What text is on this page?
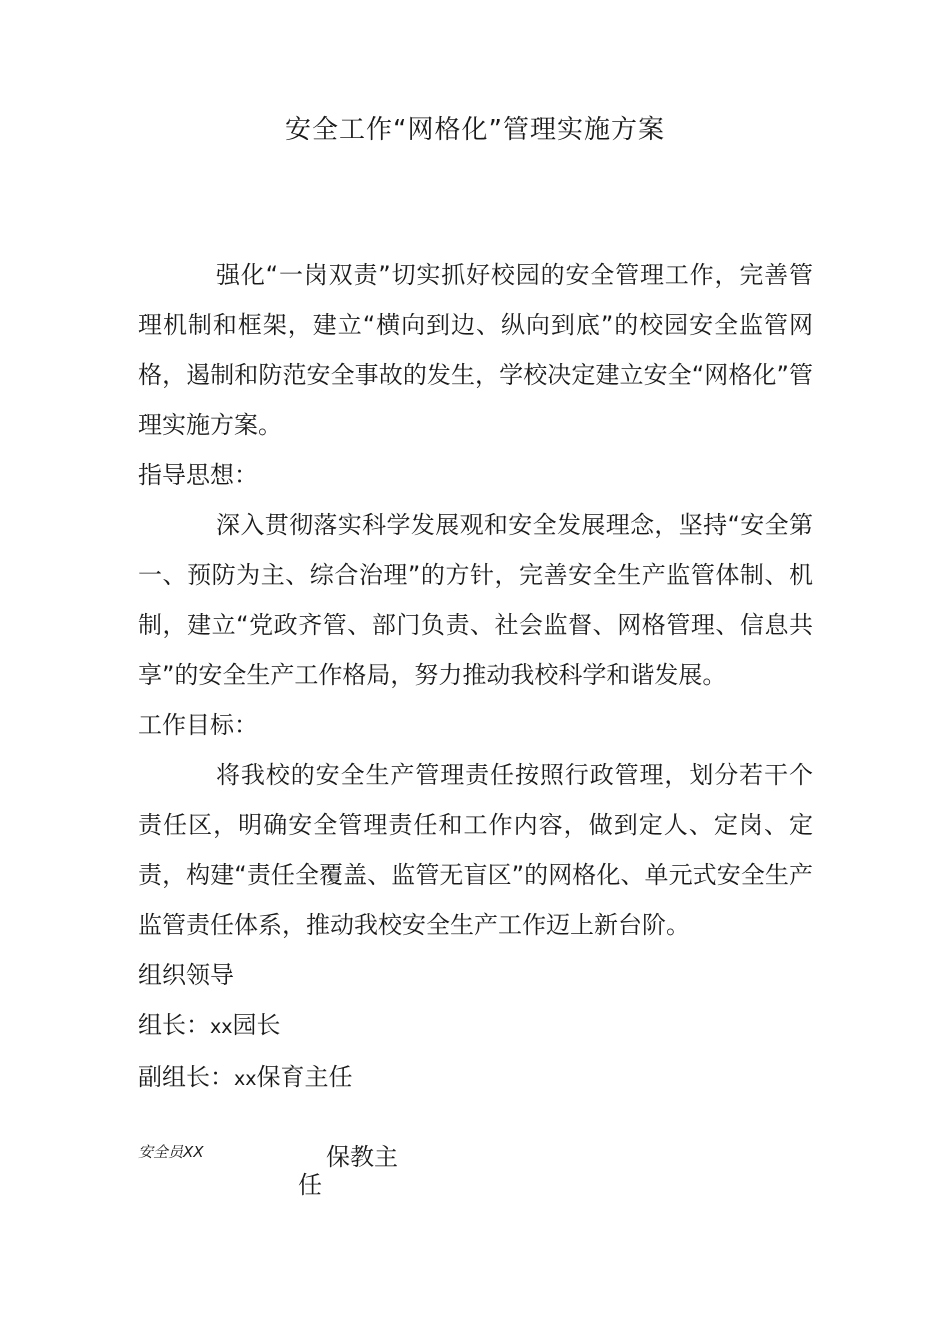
安全工作“网格化”管理实施方案

强化“一岗双责”切实抓好校园的安全管理工作，完善管理机制和框架，建立“横向到边、纵向到底”的校园安全监管网格，遏制和防范安全事故的发生，学校决定建立安全“网格化”管理实施方案。

指导思想：

深入贯彻落实科学发展观和安全发展理念，坚持“安全第一、预防为主、综合治理”的方针，完善安全生产监管体制、机制，建立“党政齐管、部门负责、社会监督、网格管理、信息共享”的安全生产工作格局，努力推动我校科学和谐发展。

工作目标：

将我校的安全生产管理责任按照行政管理，划分若干个责任区，明确安全管理责任和工作内容，做到定人、定岗、定责，构建“责任全覆盖、监管无盲区”的网格化、单元式安全生产监管责任体系，推动我校安全生产工作迈上新台阶。

组织领导

组长：xx园长

副组长：xx保育主任

安全员XX	保教主
任
